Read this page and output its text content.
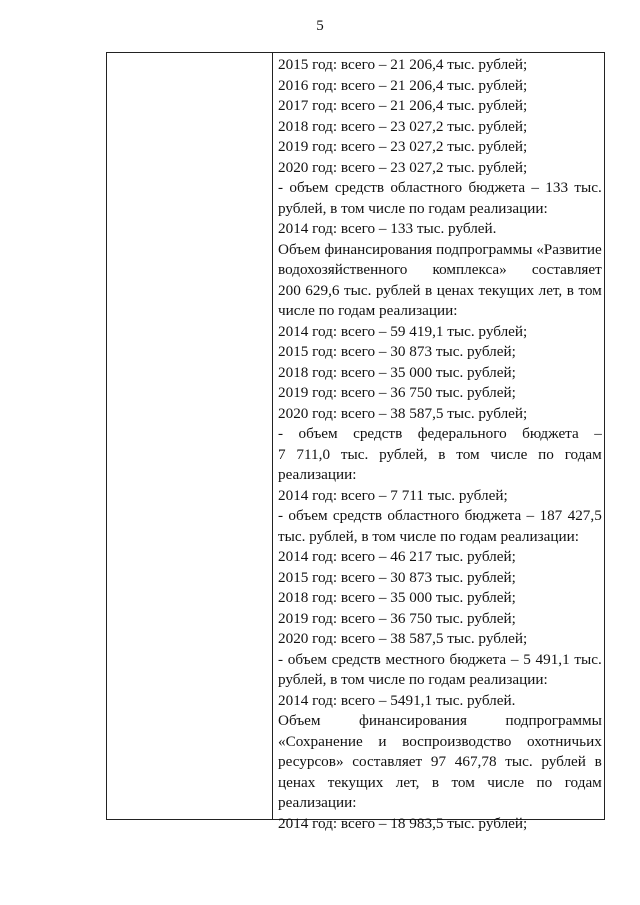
5
2015 год: всего – 21 206,4 тыс. рублей;
2016 год: всего – 21 206,4 тыс. рублей;
2017 год: всего – 21 206,4 тыс. рублей;
2018 год: всего – 23 027,2 тыс. рублей;
2019 год: всего – 23 027,2 тыс. рублей;
2020 год: всего – 23 027,2 тыс. рублей;
- объем средств областного бюджета – 133 тыс.
рублей, в том числе по годам реализации:
2014 год: всего – 133 тыс. рублей.
Объем финансирования подпрограммы «Развитие
водохозяйственного комплекса» составляет
200 629,6 тыс. рублей в ценах текущих лет, в том
числе по годам реализации:
2014 год: всего – 59 419,1 тыс. рублей;
2015 год: всего – 30 873 тыс. рублей;
2018 год: всего – 35 000 тыс. рублей;
2019 год: всего – 36 750 тыс. рублей;
2020 год: всего – 38 587,5 тыс. рублей;
- объем средств федерального бюджета –
7 711,0 тыс. рублей, в том числе по годам
реализации:
2014 год: всего – 7 711 тыс. рублей;
- объем средств областного бюджета – 187 427,5
тыс. рублей, в том числе по годам реализации:
2014 год: всего – 46 217 тыс. рублей;
2015 год: всего – 30 873 тыс. рублей;
2018 год: всего – 35 000 тыс. рублей;
2019 год: всего – 36 750 тыс. рублей;
2020 год: всего – 38 587,5 тыс. рублей;
- объем средств местного бюджета – 5 491,1 тыс.
рублей, в том числе по годам реализации:
2014 год: всего – 5491,1 тыс. рублей.
Объем финансирования подпрограммы
«Сохранение и воспроизводство охотничьих
ресурсов» составляет 97 467,78 тыс. рублей в
ценах текущих лет, в том числе по годам
реализации:
2014 год: всего – 18 983,5 тыс. рублей;
